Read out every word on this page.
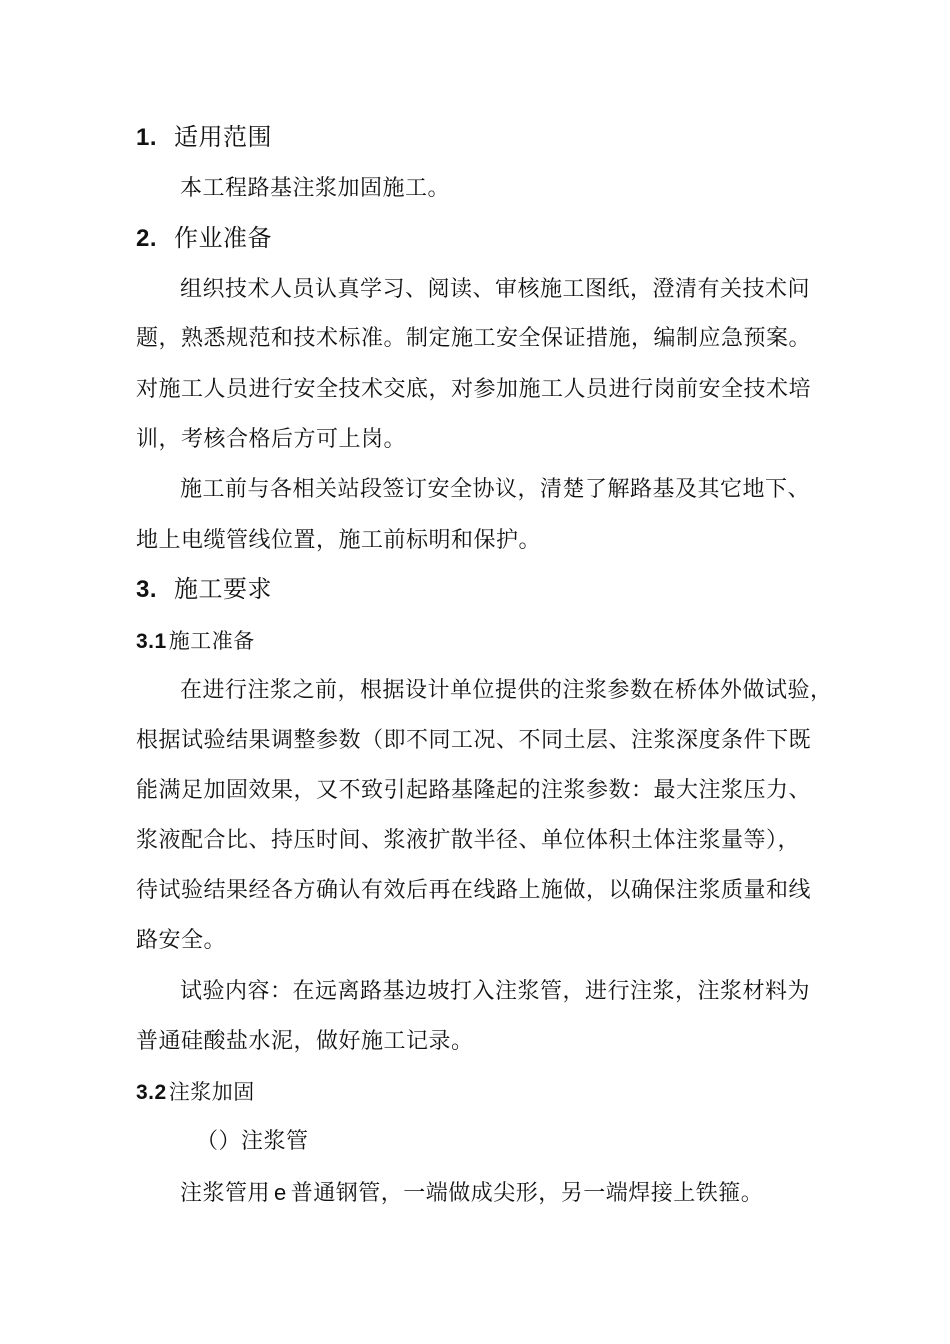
1. 适用范围
本工程路基注浆加固施工。
2. 作业准备
组织技术人员认真学习、阅读、审核施工图纸，澄清有关技术问
题，熟悉规范和技术标准。制定施工安全保证措施，编制应急预案。
对施工人员进行安全技术交底，对参加施工人员进行岗前安全技术培
训，考核合格后方可上岗。
施工前与各相关站段签订安全协议，清楚了解路基及其它地下、
地上电缆管线位置，施工前标明和保护。
3. 施工要求
3.1施工准备
在进行注浆之前，根据设计单位提供的注浆参数在桥体外做试验，
根据试验结果调整参数（即不同工况、不同土层、注浆深度条件下既
能满足加固效果，又不致引起路基隆起的注浆参数：最大注浆压力、
浆液配合比、持压时间、浆液扩散半径、单位体积土体注浆量等），
待试验结果经各方确认有效后再在线路上施做，以确保注浆质量和线
路安全。
试验内容：在远离路基边坡打入注浆管，进行注浆，注浆材料为
普通硅酸盐水泥，做好施工记录。
3.2注浆加固
（）注浆管
注浆管用 e 普通钢管，一端做成尖形，另一端焊接上铁箍。
